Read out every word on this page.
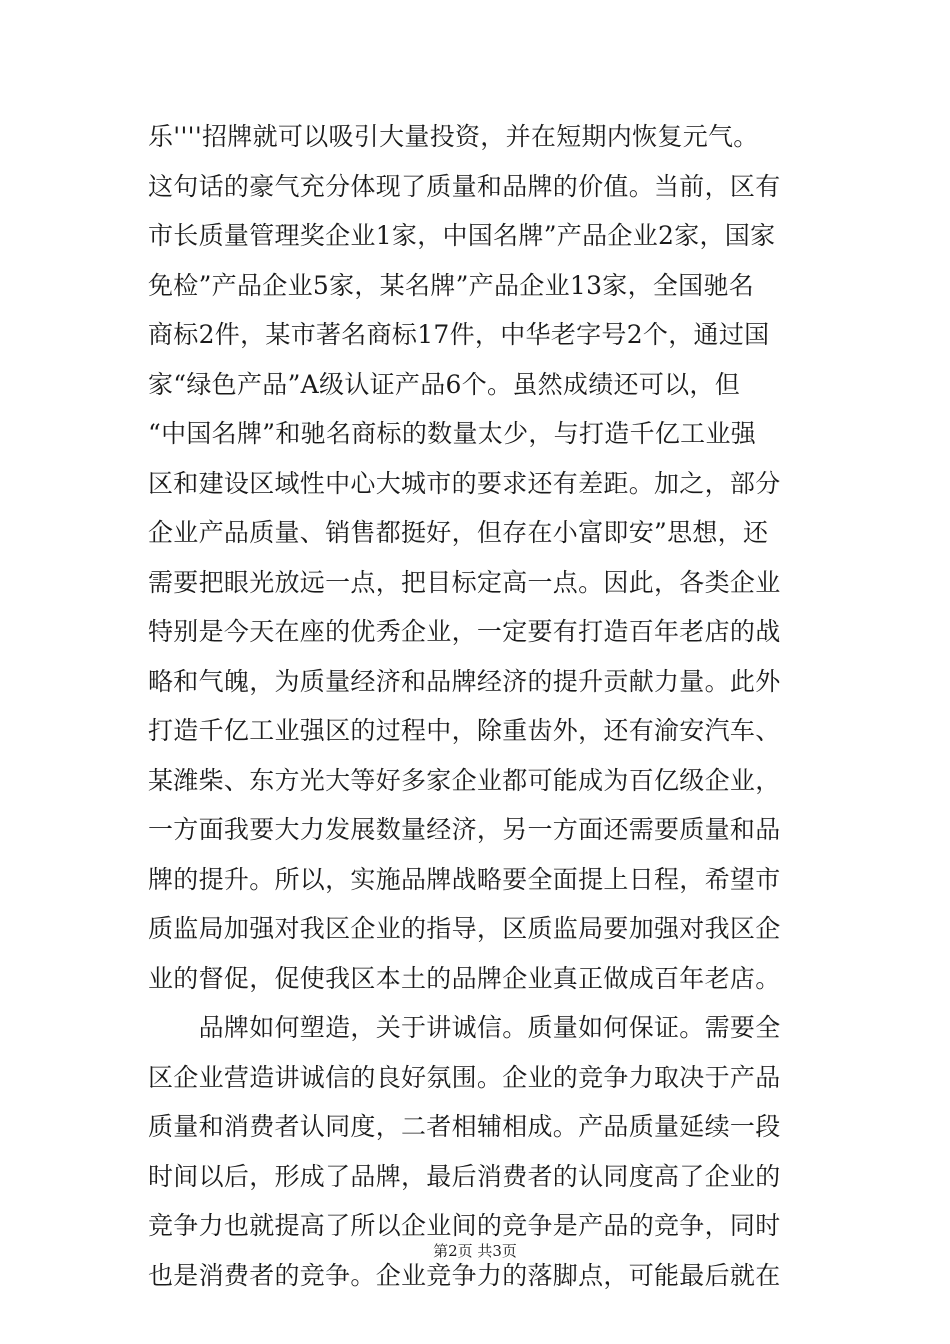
乐''''招牌就可以吸引大量投资，并在短期内恢复元气。
这句话的豪气充分体现了质量和品牌的价值。当前，区有
市长质量管理奖企业1家，中国名牌”产品企业2家，国家
免检”产品企业5家，某名牌”产品企业13家，全国驰名
商标2件，某市著名商标17件，中华老字号2个，通过国
家“绿色产品”A级认证产品6个。虽然成绩还可以，但
“中国名牌”和驰名商标的数量太少，与打造千亿工业强
区和建设区域性中心大城市的要求还有差距。加之，部分
企业产品质量、销售都挺好，但存在小富即安”思想，还
需要把眼光放远一点，把目标定高一点。因此，各类企业
特别是今天在座的优秀企业，一定要有打造百年老店的战
略和气魄，为质量经济和品牌经济的提升贡献力量。此外
打造千亿工业强区的过程中，除重齿外，还有渝安汽车、
某潍柴、东方光大等好多家企业都可能成为百亿级企业，
一方面我要大力发展数量经济，另一方面还需要质量和品
牌的提升。所以，实施品牌战略要全面提上日程，希望市
质监局加强对我区企业的指导，区质监局要加强对我区企
业的督促，促使我区本土的品牌企业真正做成百年老店。
　　品牌如何塑造，关于讲诚信。质量如何保证。需要全
区企业营造讲诚信的良好氛围。企业的竞争力取决于产品
质量和消费者认同度，二者相辅相成。产品质量延续一段
时间以后，形成了品牌，最后消费者的认同度高了企业的
竞争力也就提高了所以企业间的竞争是产品的竞争，同时
也是消费者的竞争。企业竞争力的落脚点，可能最后就在
第2页 共3页
